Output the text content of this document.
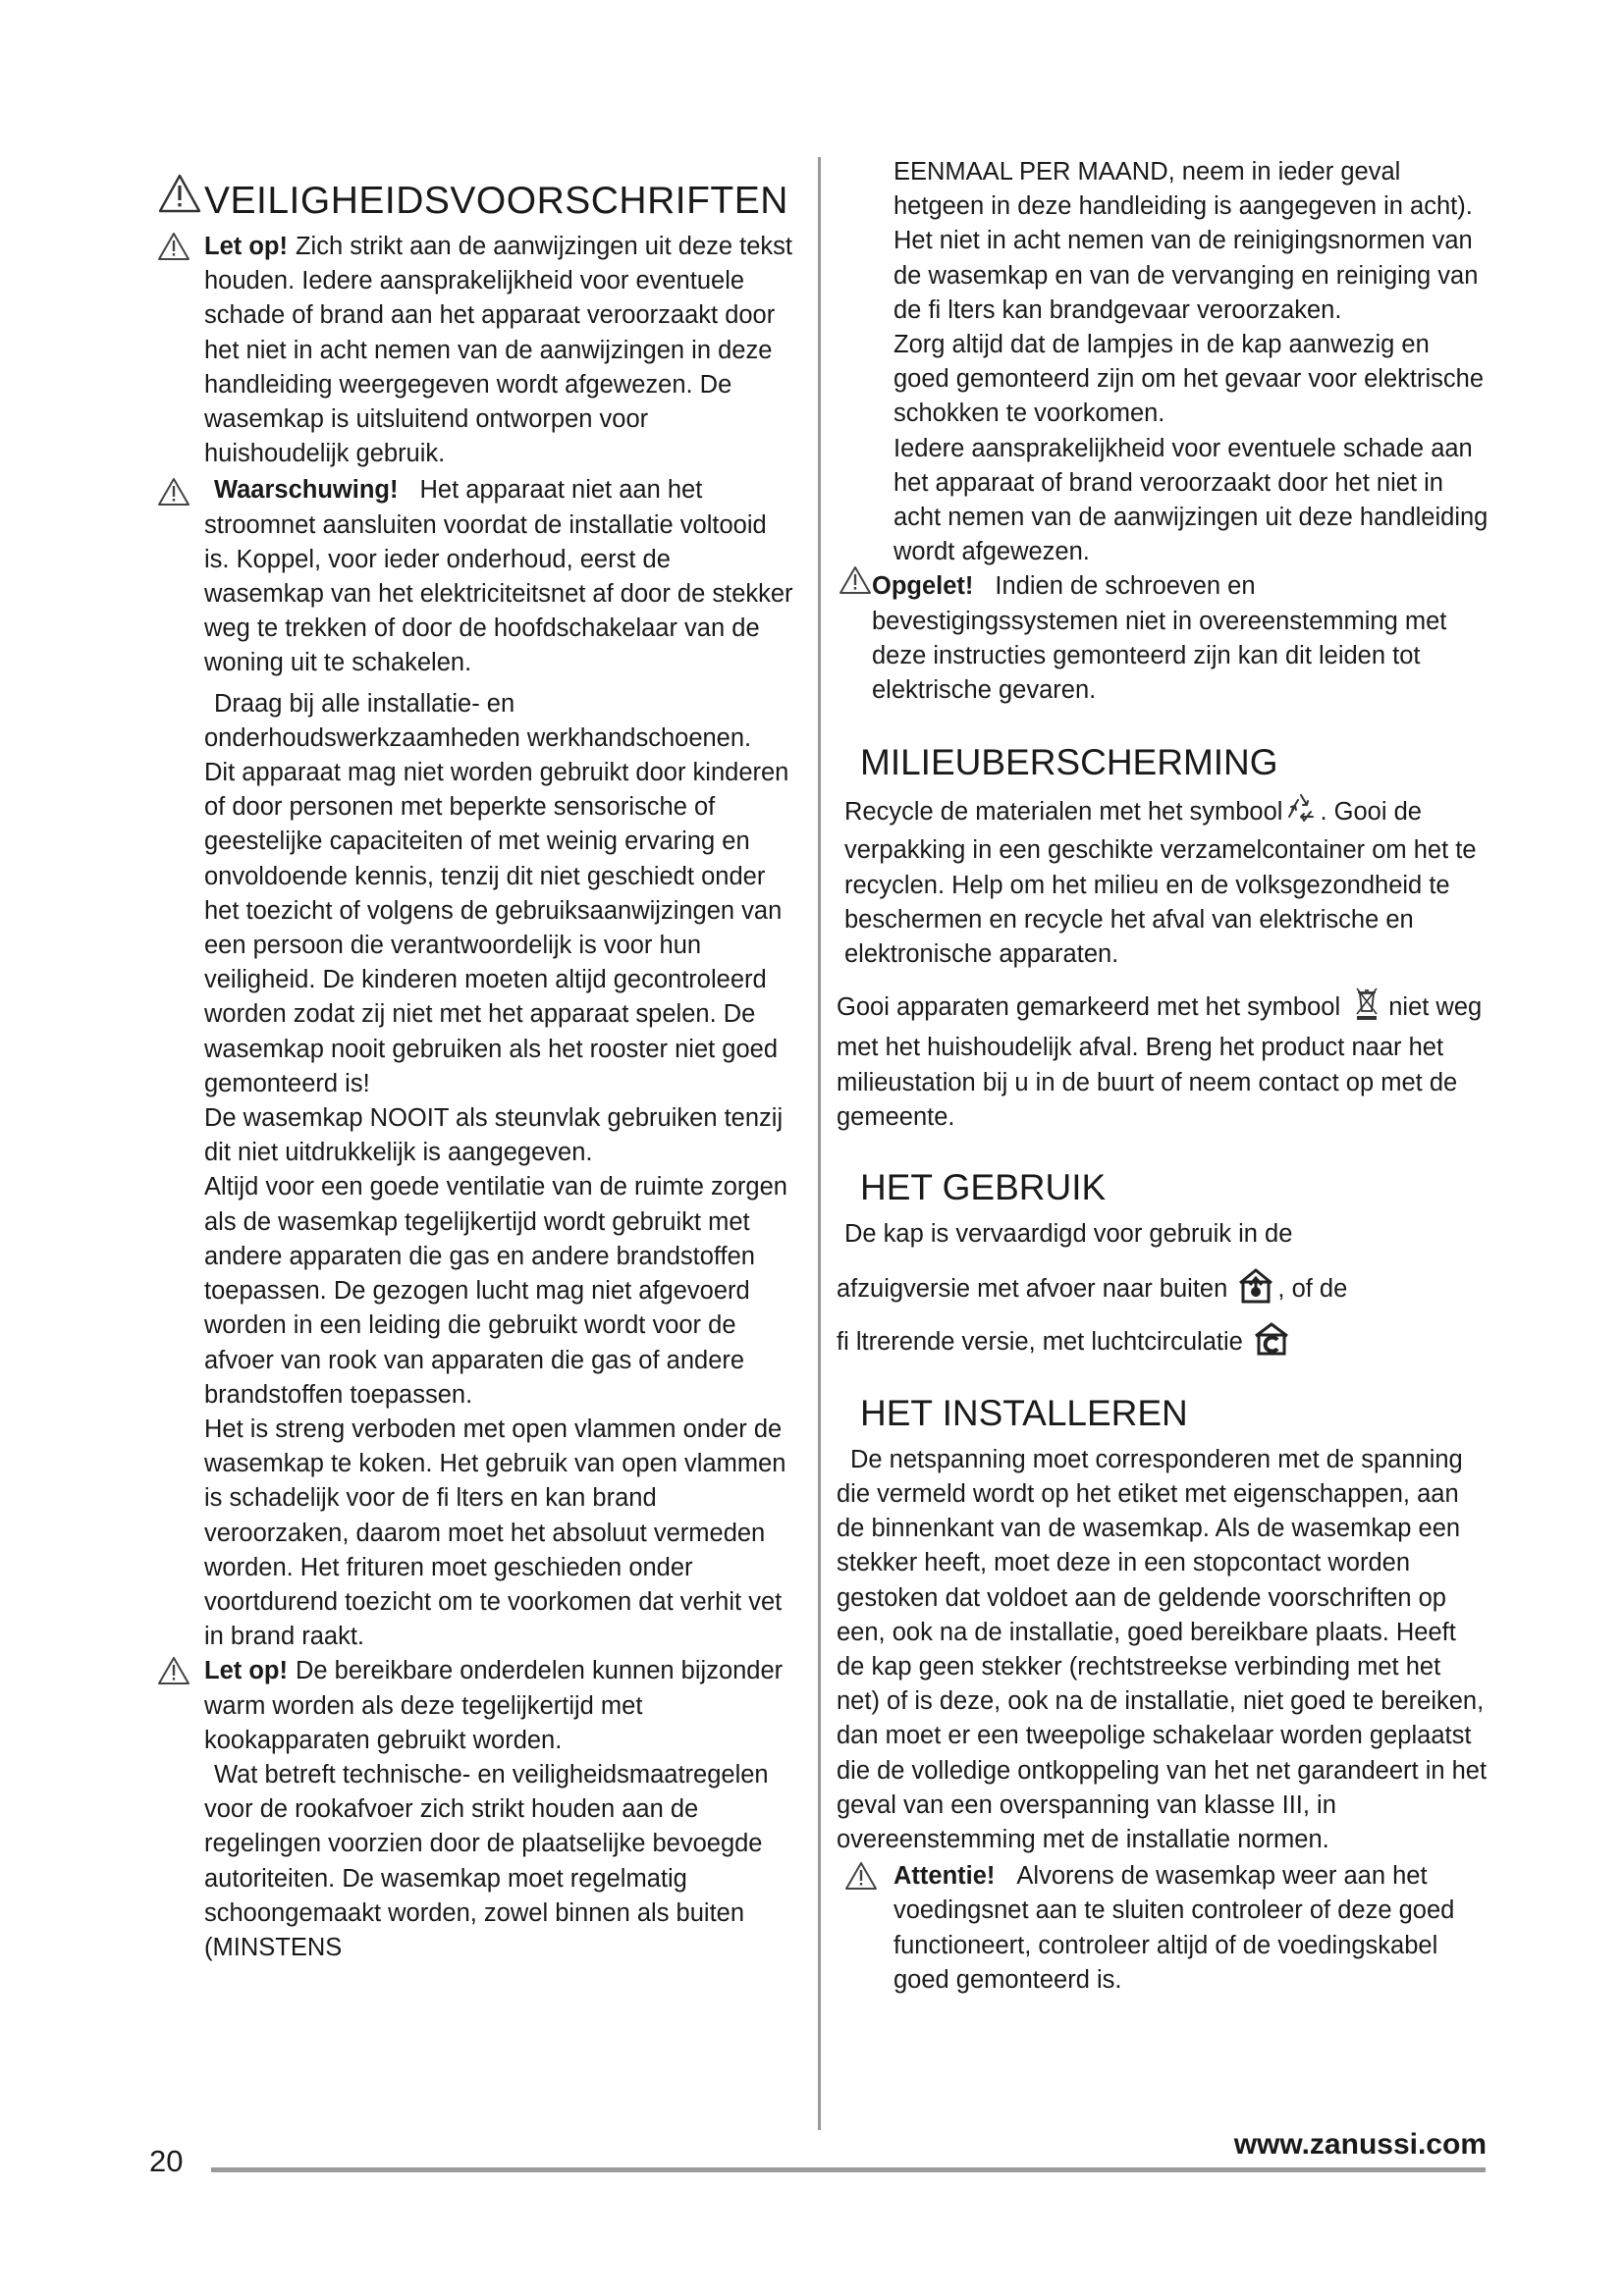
VEILIGHEIDSVOORSCHRIFTEN

Let op! Zich strikt aan de aanwijzingen uit deze tekst houden. Iedere aansprakelijkheid voor eventuele schade of brand aan het apparaat veroorzaakt door het niet in acht nemen van de aanwijzingen in deze handleiding weergegeven wordt afgewezen. De wasemkap is uitsluitend ontworpen voor huishoudelijk gebruik.

Waarschuwing! Het apparaat niet aan het stroomnet aansluiten voordat de installatie voltooid is. Koppel, voor ieder onderhoud, eerst de wasemkap van het elektriciteitsnet af door de stekker weg te trekken of door de hoofdschakelaar van de woning uit te schakelen.

Draag bij alle installatie- en onderhoudswerkzaamheden werkhandschoenen.

Dit apparaat mag niet worden gebruikt door kinderen of door personen met beperkte sensorische of geestelijke capaciteiten of met weinig ervaring en onvoldoende kennis, tenzij dit niet geschiedt onder het toezicht of volgens de gebruiksaanwijzingen van een persoon die verantwoordelijk is voor hun veiligheid. De kinderen moeten altijd gecontroleerd worden zodat zij niet met het apparaat spelen. De wasemkap nooit gebruiken als het rooster niet goed gemonteerd is!

De wasemkap NOOIT als steunvlak gebruiken tenzij dit niet uitdrukkelijk is aangegeven.

Altijd voor een goede ventilatie van de ruimte zorgen als de wasemkap tegelijkertijd wordt gebruikt met andere apparaten die gas en andere brandstoffen toepassen. De gezogen lucht mag niet afgevoerd worden in een leiding die gebruikt wordt voor de afvoer van rook van apparaten die gas of andere brandstoffen toepassen.

Het is streng verboden met open vlammen onder de wasemkap te koken. Het gebruik van open vlammen is schadelijk voor de fi lters en kan brand veroorzaken, daarom moet het absoluut vermeden worden. Het frituren moet geschieden onder voortdurend toezicht om te voorkomen dat verhit vet in brand raakt.

Let op! De bereikbare onderdelen kunnen bijzonder warm worden als deze tegelijkertijd met kookapparaten gebruikt worden.

Wat betreft technische- en veiligheidsmaatregelen voor de rookafvoer zich strikt houden aan de regelingen voorzien door de plaatselijke bevoegde autoriteiten. De wasemkap moet regelmatig schoongemaakt worden, zowel binnen als buiten (MINSTENS

EENMAAL PER MAAND, neem in ieder geval hetgeen in deze handleiding is aangegeven in acht). Het niet in acht nemen van de reinigingsnormen van de wasemkap en van de vervanging en reiniging van de fi lters kan brandgevaar veroorzaken.

Zorg altijd dat de lampjes in de kap aanwezig en goed gemonteerd zijn om het gevaar voor elektrische schokken te voorkomen.

Iedere aansprakelijkheid voor eventuele schade aan het apparaat of brand veroorzaakt door het niet in acht nemen van de aanwijzingen uit deze handleiding wordt afgewezen.

Opgelet! Indien de schroeven en bevestigingssystemen niet in overeenstemming met deze instructies gemonteerd zijn kan dit leiden tot elektrische gevaren.

MILIEUBERSCHERMING

Recycle de materialen met het symbool . Gooi de verpakking in een geschikte verzamelcontainer om het te recyclen. Help om het milieu en de volksgezondheid te beschermen en recycle het afval van elektrische en elektronische apparaten.

Gooi apparaten gemarkeerd met het symbool niet weg met het huishoudelijk afval. Breng het product naar het milieustation bij u in de buurt of neem contact op met de gemeente.

HET GEBRUIK

De kap is vervaardigd voor gebruik in de

afzuigversie met afvoer naar buiten , of de

fi ltrerende versie, met luchtcirculatie

HET INSTALLEREN

De netspanning moet corresponderen met de spanning die vermeld wordt op het etiket met eigenschappen, aan de binnenkant van de wasemkap. Als de wasemkap een stekker heeft, moet deze in een stopcontact worden gestoken dat voldoet aan de geldende voorschriften op een, ook na de installatie, goed bereikbare plaats. Heeft de kap geen stekker (rechtstreekse verbinding met het net) of is deze, ook na de installatie, niet goed te bereiken, dan moet er een tweepolige schakelaar worden geplaatst die de volledige ontkoppeling van het net garandeert in het geval van een overspanning van klasse III, in overeenstemming met de installatie normen.

Attentie! Alvorens de wasemkap weer aan het voedingsnet aan te sluiten controleer of deze goed functioneert, controleer altijd of de voedingskabel goed gemonteerd is.

20	www.zanussi.com
